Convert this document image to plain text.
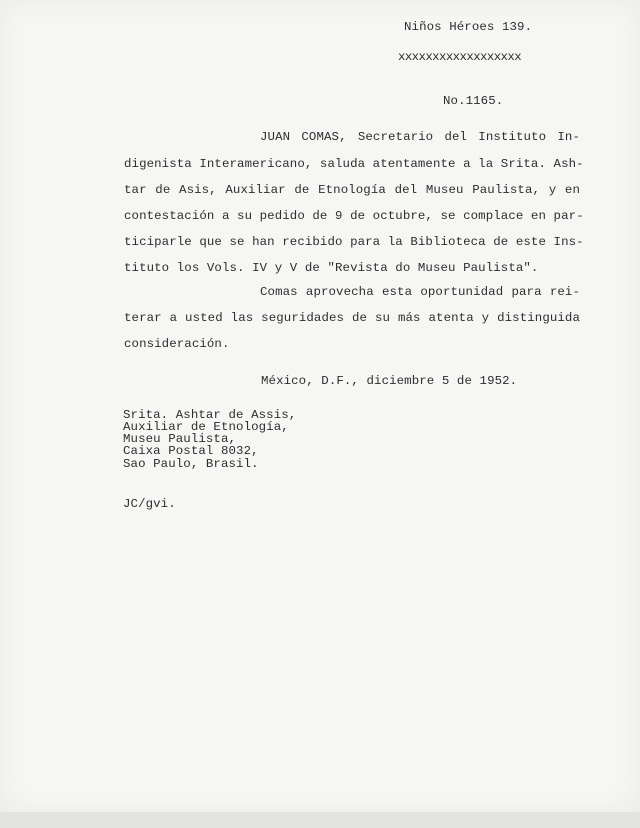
Niños Héroes 139.
xxxxxxxxxxxxxxxxxx
No.1165.
JUAN COMAS, Secretario del Instituto In-
digenista Interamericano, saluda atentamente a la Srita. Ash-
tar de Asis, Auxiliar de Etnología del Museu Paulista, y en
contestación a su pedido de 9 de octubre, se complace en par-
ticiparle que se han recibido para la Biblioteca de este Ins-
tituto los Vols. IV y V de "Revista do Museu Paulista".
Comas aprovecha esta oportunidad para rei-
terar a usted las seguridades de su más atenta y distinguida
consideración.
México, D.F., diciembre 5 de 1952.
Srita. Ashtar de Assis,
Auxiliar de Etnología,
Museu Paulista,
Caixa Postal 8032,
Sao Paulo, Brasil.
JC/gvi.
